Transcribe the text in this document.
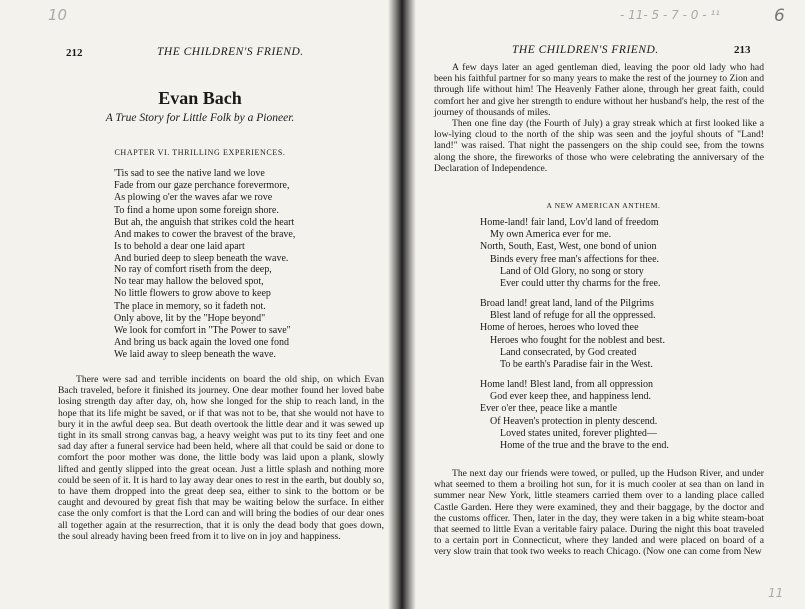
10	- 11- 5 - 7 - 0 - ¹¹	6
11
212	THE CHILDREN'S FRIEND.
Evan Bach
A True Story for Little Folk by a Pioneer.
CHAPTER VI. THRILLING EXPERIENCES.
'Tis sad to see the native land we love
Fade from our gaze perchance forevermore,
As plowing o'er the waves afar we rove
To find a home upon some foreign shore.
But ah, the anguish that strikes cold the heart
And makes to cower the bravest of the brave,
Is to behold a dear one laid apart
And buried deep to sleep beneath the wave.
No ray of comfort riseth from the deep,
No tear may hallow the beloved spot,
No little flowers to grow above to keep
The place in memory, so it fadeth not.
Only above, lit by the "Hope beyond"
We look for comfort in "The Power to save"
And bring us back again the loved one fond
We laid away to sleep beneath the wave.

There were sad and terrible incidents on board the old ship, on which Evan Bach traveled, before it finished its journey. One dear mother found her loved babe losing strength day after day, oh, how she longed for the ship to reach land, in the hope that its life might be saved, or if that was not to be, that she would not have to bury it in the awful deep sea. But death overtook the little dear and it was sewed up tight in its small strong canvas bag, a heavy weight was put to its tiny feet and one sad day after a funeral service had been held, where all that could be said or done to comfort the poor mother was done, the little body was laid upon a plank, slowly lifted and gently slipped into the great ocean. Just a little splash and nothing more could be seen of it. It is hard to lay away dear ones to rest in the earth, but doubly so, to have them dropped into the great deep sea, either to sink to the bottom or be caught and devoured by great fish that may be waiting below the surface. In either case the only comfort is that the Lord can and will bring the bodies of our dear ones all together again at the resurrection, that it is only the dead body that goes down, the soul already having been freed from it to live on in joy and happiness.

THE CHILDREN'S FRIEND.	213

A few days later an aged gentleman died, leaving the poor old lady who had been his faithful partner for so many years to make the rest of the journey to Zion and through life without him! The Heavenly Father alone, through her great faith, could comfort her and give her strength to endure without her husband's help, the rest of the journey of thousands of miles.

Then one fine day (the Fourth of July) a gray streak which at first looked like a low-lying cloud to the north of the ship was seen and the joyful shouts of "Land! land!" was raised. That night the passengers on the ship could see, from the towns along the shore, the fireworks of those who were celebrating the anniversary of the Declaration of Independence.

A NEW AMERICAN ANTHEM.
Home-land! fair land, Lov'd land of freedom
My own America ever for me.
North, South, East, West, one bond of union
Binds every free man's affections for thee.
Land of Old Glory, no song or story
Ever could utter thy charms for the free.
Broad land! great land, land of the Pilgrims
Blest land of refuge for all the oppressed.
Home of heroes, heroes who loved thee
Heroes who fought for the noblest and best.
Land consecrated, by God created
To be earth's Paradise fair in the West.
Home land! Blest land, from all oppression
God ever keep thee, and happiness lend.
Ever o'er thee, peace like a mantle
Of Heaven's protection in plenty descend.
Loved states united, forever plighted—
Home of the true and the brave to the end.

The next day our friends were towed, or pulled, up the Hudson River, and under what seemed to them a broiling hot sun, for it is much cooler at sea than on land in summer near New York, little steamers carried them over to a landing place called Castle Garden. Here they were examined, they and their baggage, by the doctor and the customs officer. Then, later in the day, they were taken in a big white steam-boat that seemed to little Evan a veritable fairy palace. During the night this boat traveled to a certain port in Connecticut, where they landed and were placed on board of a very slow train that took two weeks to reach Chicago. (Now one can come from New
